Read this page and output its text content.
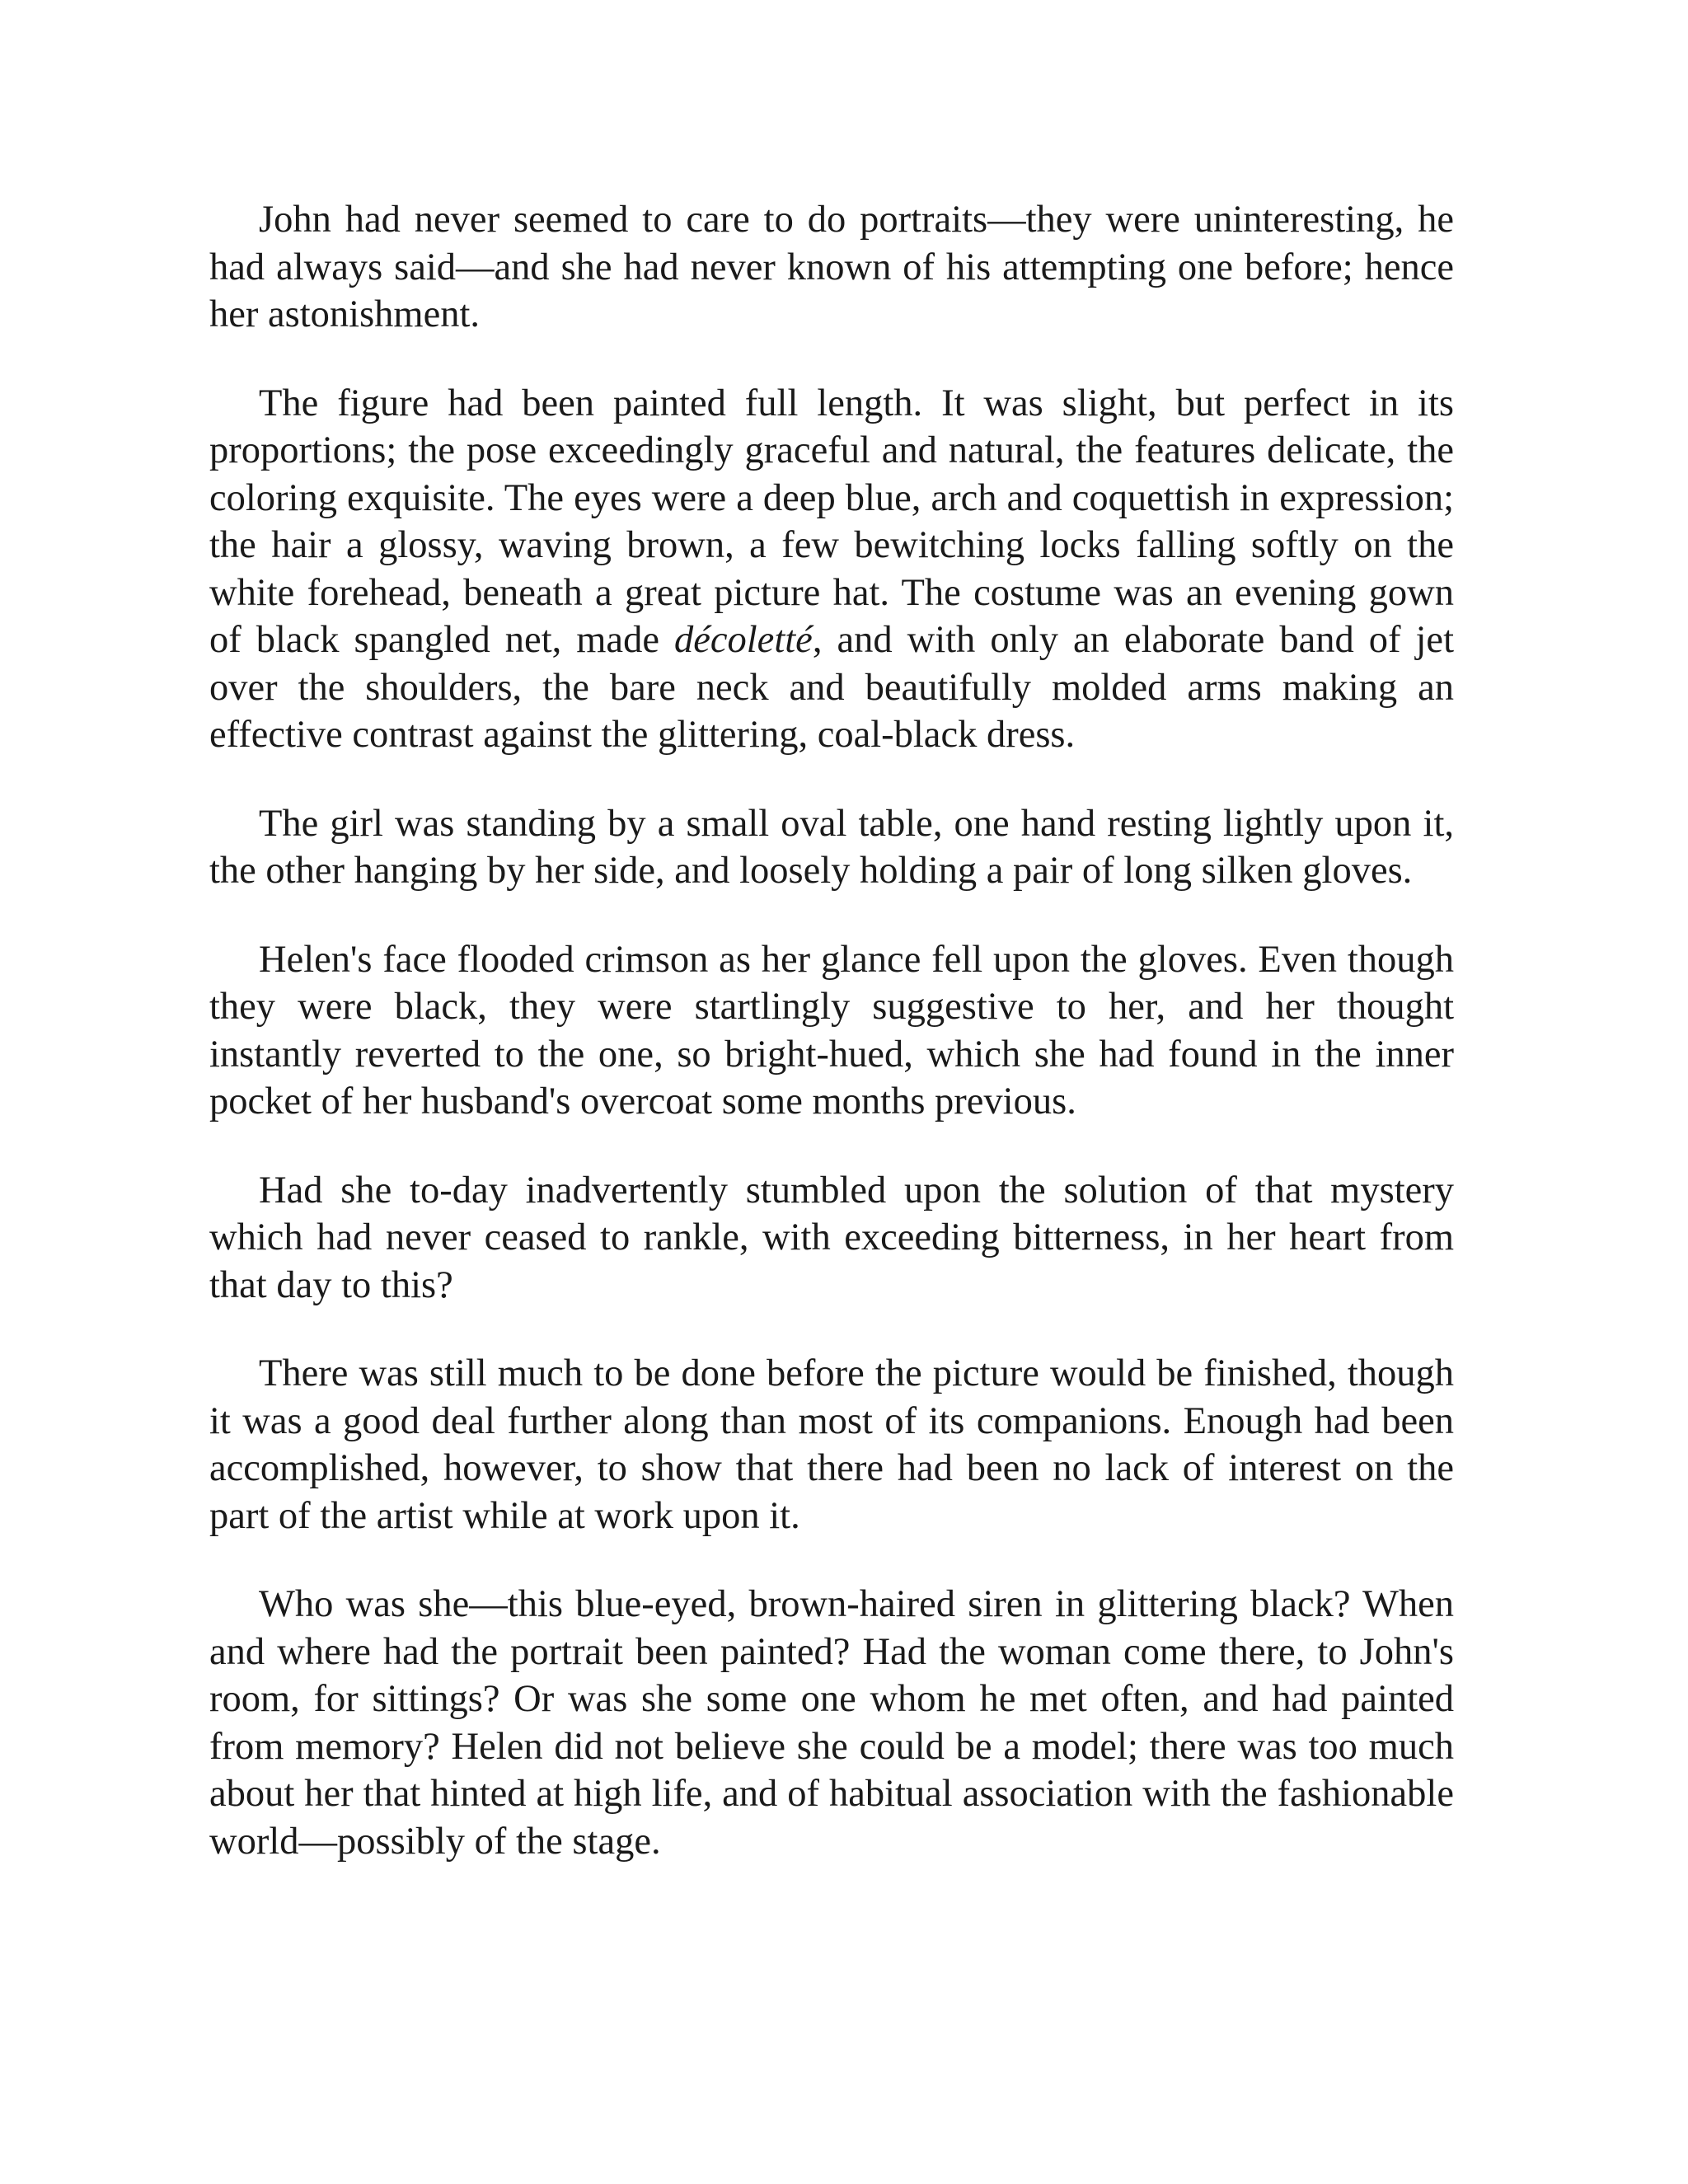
John had never seemed to care to do portraits—they were uninteresting, he had always said—and she had never known of his attempting one before; hence her astonishment.

The figure had been painted full length. It was slight, but perfect in its proportions; the pose exceedingly graceful and natural, the features delicate, the coloring exquisite. The eyes were a deep blue, arch and coquettish in expression; the hair a glossy, waving brown, a few bewitching locks falling softly on the white forehead, beneath a great picture hat. The costume was an evening gown of black spangled net, made décoletté, and with only an elaborate band of jet over the shoulders, the bare neck and beautifully molded arms making an effective contrast against the glittering, coal-black dress.

The girl was standing by a small oval table, one hand resting lightly upon it, the other hanging by her side, and loosely holding a pair of long silken gloves.

Helen's face flooded crimson as her glance fell upon the gloves. Even though they were black, they were startlingly suggestive to her, and her thought instantly reverted to the one, so bright-hued, which she had found in the inner pocket of her husband's overcoat some months previous.

Had she to-day inadvertently stumbled upon the solution of that mystery which had never ceased to rankle, with exceeding bitterness, in her heart from that day to this?

There was still much to be done before the picture would be finished, though it was a good deal further along than most of its companions. Enough had been accomplished, however, to show that there had been no lack of interest on the part of the artist while at work upon it.

Who was she—this blue-eyed, brown-haired siren in glittering black? When and where had the portrait been painted? Had the woman come there, to John's room, for sittings? Or was she some one whom he met often, and had painted from memory? Helen did not believe she could be a model; there was too much about her that hinted at high life, and of habitual association with the fashionable world—possibly of the stage.
